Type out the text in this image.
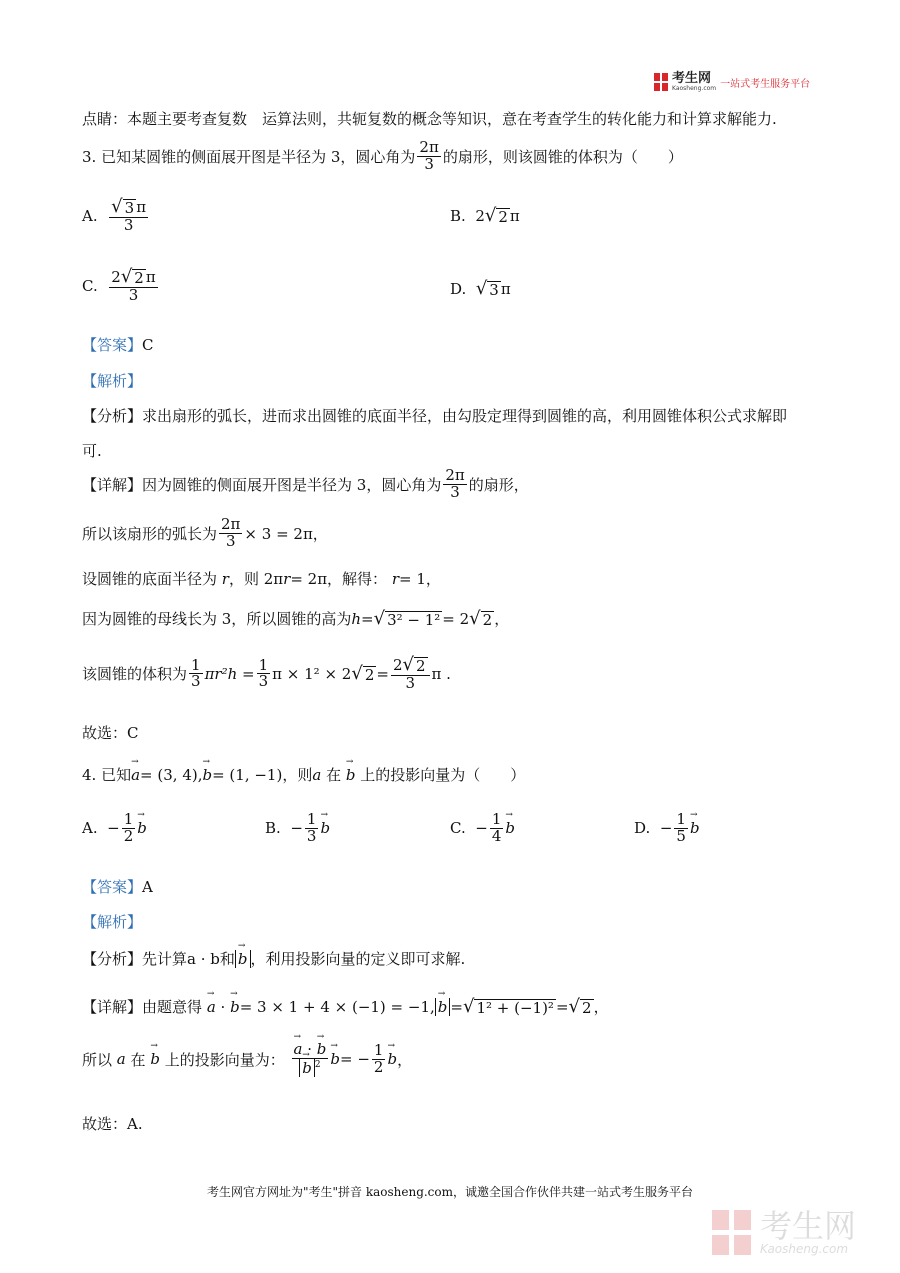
考生网
Kaosheng.com 一站式考生服务平台
点睛：本题主要考查复数　运算法则，共轭复数的概念等知识，意在考查学生的转化能力和计算求解能力.
3. 已知某圆锥的侧面展开图是半径为 3，圆心角为 $\frac{2\pi}{3}$ 的扇形，则该圆锥的体积为（　　）
A.
$\frac{√ 3 \pi}{3}$	B.
2 √ 2 π
C.
$\frac{2 √ 2 \pi}{3}$	D.
√ 3 π
【答案】 C
【解析】
【分析】 求出扇形的弧长，进而求出圆锥的底面半径，由勾股定理得到圆锥的高，利用圆锥体积公式求解即
可.
【详解】 因为圆锥的侧面展开图是半径为 3，圆心角为 $\frac{2\pi}{3}$ 的扇形，
所以该扇形的弧长为 $\frac{2\pi}{3} \times 3 = 2\pi$，
设圆锥的底面半径为
r ，则 2π r = 2π，解得：
r = 1，
因为圆锥的母线长为 3，所以圆锥的高为 h = √ 3² − 1² = 2 √ 2 ，
该圆锥的体积为 $\frac{1}{3} \pi r^2h = \frac{1}{3}$ π × 1² × 2 √ $2 = \frac{2 √ 2}{3}$ π .
故选：C
4. 已知
→ a = (3, 4),
→ b = (1, −1)，则 a
在

→ b
上的投影向量为（　　）
A.
− $\frac{1}{2}$
→ b	B.
− $\frac{1}{3}$
→ b	C.
− $\frac{1}{4}$
→ b	D.
− $\frac{1}{5}$
→ b
【答案】 A
【解析】
【分析】 先计算 a · b 和
→ b ，利用投影向量的定义即可求解.
【详解】 由题意得

→ a ·
→ b = 3 × 1 + 4 × (−1) = −1,
→ b = √ 1² + (−1)² = √ 2 ，
所以
a
在

→ b
上的投影向量为：

→ a · → b
→ b $^2$
→ b = − $\frac{1}{2}$
→ b ，
故选：A.
考生网官方网址为"考生"拼音 kaosheng.com，诚邀全国合作伙伴共建一站式考生服务平台
考生网
Kaosheng.com
